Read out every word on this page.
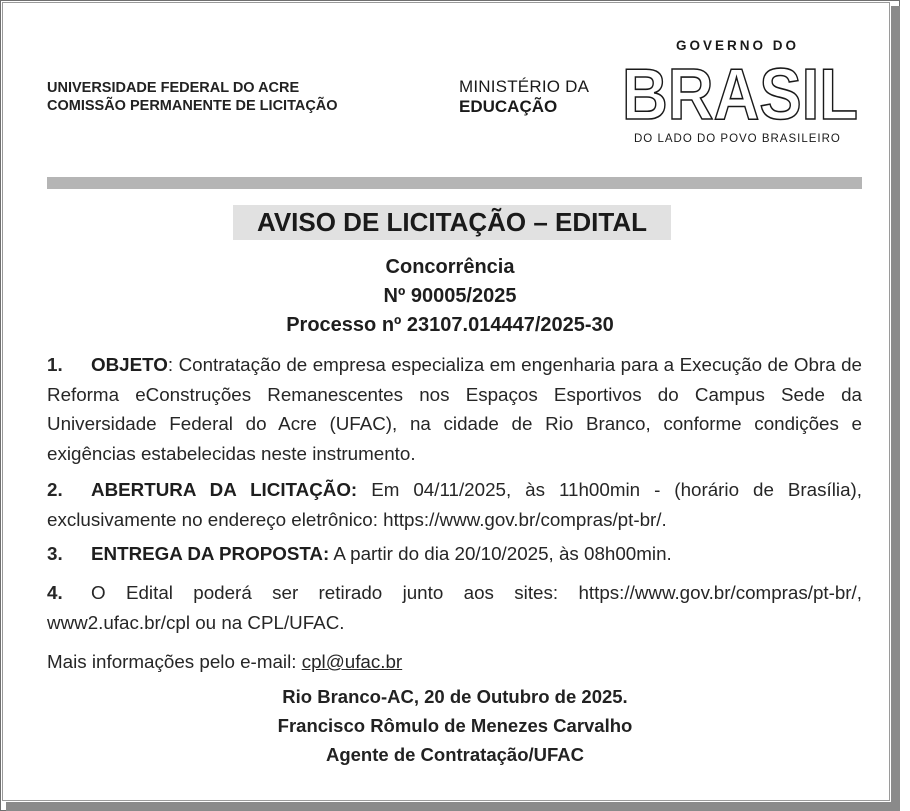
UNIVERSIDADE FEDERAL DO ACRE
COMISSÃO PERMANENTE DE LICITAÇÃO
MINISTÉRIO DA
EDUCAÇÃO
GOVERNO DO
BRASIL
DO LADO DO POVO BRASILEIRO
AVISO DE LICITAÇÃO – EDITAL
Concorrência
Nº 90005/2025
Processo nº 23107.014447/2025-30
1. OBJETO: Contratação de empresa especializa em engenharia para a Execução de Obra de Reforma eConstruções Remanescentes nos Espaços Esportivos do Campus Sede da Universidade Federal do Acre (UFAC), na cidade de Rio Branco, conforme condições e exigências estabelecidas neste instrumento.
2. ABERTURA DA LICITAÇÃO: Em 04/11/2025, às 11h00min - (horário de Brasília), exclusivamente no endereço eletrônico: https://www.gov.br/compras/pt-br/.
3. ENTREGA DA PROPOSTA: A partir do dia 20/10/2025, às 08h00min.
4. O Edital poderá ser retirado junto aos sites: https://www.gov.br/compras/pt-br/, www2.ufac.br/cpl ou na CPL/UFAC.
Mais informações pelo e-mail: cpl@ufac.br
Rio Branco-AC, 20 de Outubro de 2025.
Francisco Rômulo de Menezes Carvalho
Agente de Contratação/UFAC
